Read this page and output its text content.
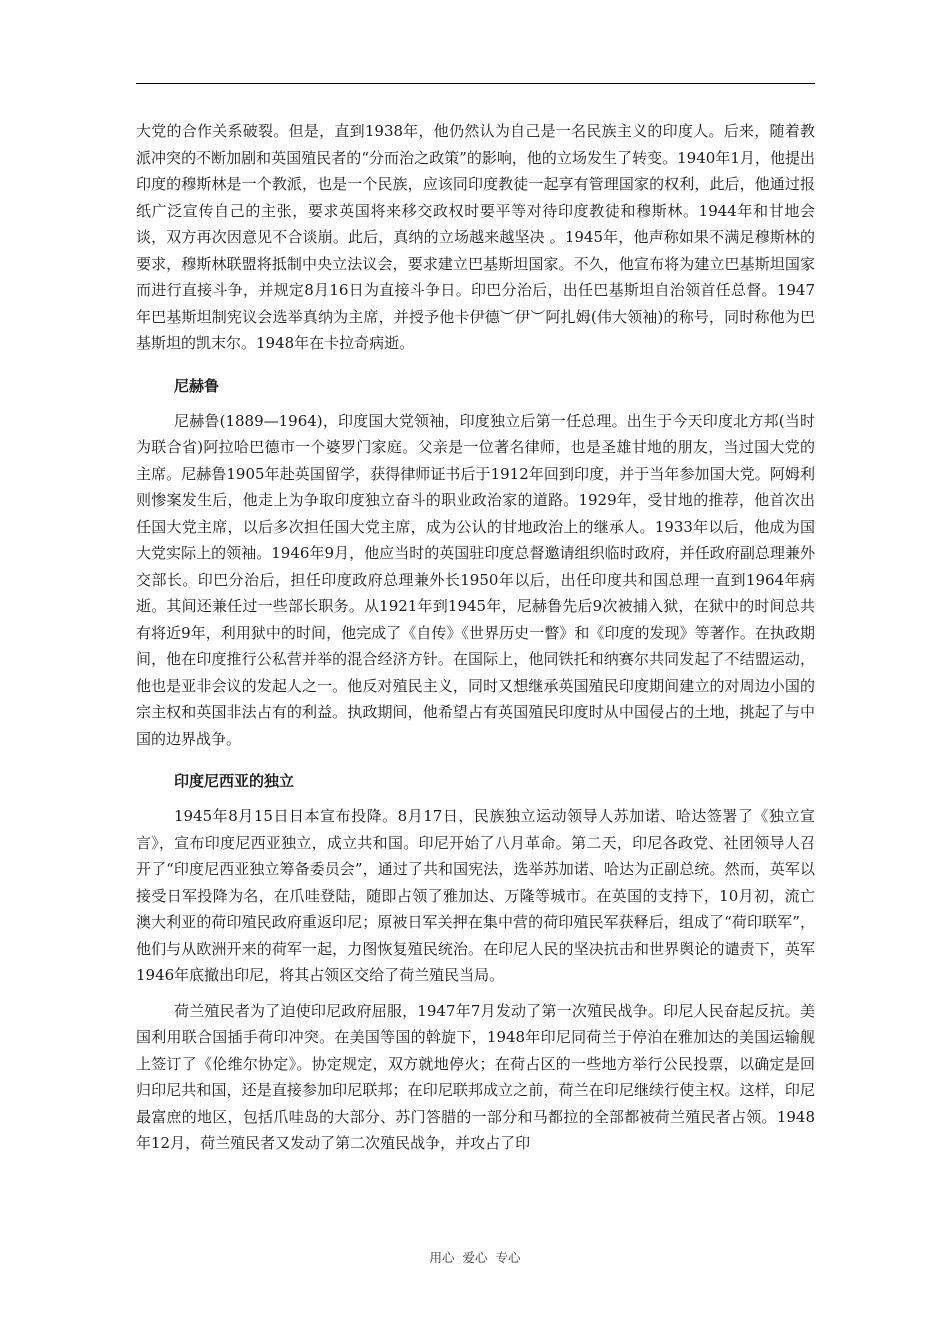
大党的合作关系破裂。但是，直到1938年，他仍然认为自己是一名民族主义的印度人。后来，随着教派冲突的不断加剧和英国殖民者的“分而治之政策”的影响，他的立场发生了转变。1940年1月，他提出印度的穆斯林是一个教派，也是一个民族，应该同印度教徒一起享有管理国家的权利，此后，他通过报纸广泛宣传自己的主张，要求英国将来移交政权时要平等对待印度教徒和穆斯林。1944年和甘地会谈，双方再次因意见不合谈崩。此后，真纳的立场越来越坚决 。1945年，他声称如果不满足穆斯林的要求，穆斯林联盟将抵制中央立法议会，要求建立巴基斯坦国家。不久，他宣布将为建立巴基斯坦国家而进行直接斗争，并规定8月16日为直接斗争日。印巴分治后，出任巴基斯坦自治领首任总督。1947年巴基斯坦制宪议会选举真纳为主席，并授予他卡伊德︶伊︶阿扎姆(伟大领袖)的称号，同时称他为巴基斯坦的凯末尔。1948年在卡拉奇病逝。

尼赫鲁

尼赫鲁(1889—1964)，印度国大党领袖，印度独立后第一任总理。出生于今天印度北方邦(当时为联合省)阿拉哈巴德市一个婆罗门家庭。父亲是一位著名律师，也是圣雄甘地的朋友，当过国大党的主席。尼赫鲁1905年赴英国留学，获得律师证书后于1912年回到印度，并于当年参加国大党。阿姆利则惨案发生后，他走上为争取印度独立奋斗的职业政治家的道路。1929年，受甘地的推荐，他首次出任国大党主席，以后多次担任国大党主席，成为公认的甘地政治上的继承人。1933年以后，他成为国大党实际上的领袖。1946年9月，他应当时的英国驻印度总督邀请组织临时政府，并任政府副总理兼外交部长。印巴分治后，担任印度政府总理兼外长1950年以后，出任印度共和国总理一直到1964年病逝。其间还兼任过一些部长职务。从1921年到1945年，尼赫鲁先后9次被捕入狱，在狱中的时间总共有将近9年，利用狱中的时间，他完成了《自传》《世界历史一瞥》和《印度的发现》等著作。在执政期间，他在印度推行公私营并举的混合经济方针。在国际上，他同铁托和纳赛尔共同发起了不结盟运动，他也是亚非会议的发起人之一。他反对殖民主义，同时又想继承英国殖民印度期间建立的对周边小国的宗主权和英国非法占有的利益。执政期间，他希望占有英国殖民印度时从中国侵占的土地，挑起了与中国的边界战争。

印度尼西亚的独立

1945年8月15日日本宣布投降。8月17日，民族独立运动领导人苏加诺、哈达签署了《独立宣言》，宣布印度尼西亚独立，成立共和国。印尼开始了八月革命。第二天，印尼各政党、社团领导人召开了“印度尼西亚独立筹备委员会”，通过了共和国宪法，选举苏加诺、哈达为正副总统。然而，英军以接受日军投降为名，在爪哇登陆，随即占领了雅加达、万隆等城市。在英国的支持下，10月初，流亡澳大利亚的荷印殖民政府重返印尼；原被日军关押在集中营的荷印殖民军获释后，组成了“荷印联军”，他们与从欧洲开来的荷军一起，力图恢复殖民统治。在印尼人民的坚决抗击和世界舆论的谴责下，英军1946年底撤出印尼，将其占领区交给了荷兰殖民当局。

荷兰殖民者为了迫使印尼政府屈服，1947年7月发动了第一次殖民战争。印尼人民奋起反抗。美国利用联合国插手荷印冲突。在美国等国的斡旋下，1948年印尼同荷兰于停泊在雅加达的美国运输舰上签订了《伦维尔协定》。协定规定，双方就地停火；在荷占区的一些地方举行公民投票，以确定是回归印尼共和国，还是直接参加印尼联邦；在印尼联邦成立之前，荷兰在印尼继续行使主权。这样，印尼最富庶的地区，包括爪哇岛的大部分、苏门答腊的一部分和马都拉的全部都被荷兰殖民者占领。1948年12月，荷兰殖民者又发动了第二次殖民战争，并攻占了印

用心 爱心 专心
